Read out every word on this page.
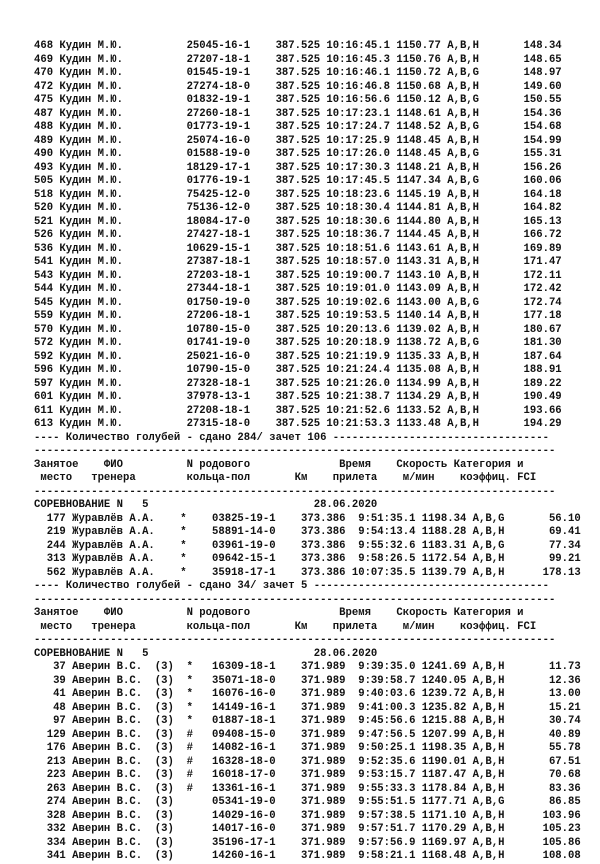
468 Кудин М.Ю.          25045-16-1    387.525 10:16:45.1 1150.77 A,B,H       148.34
469 Кудин М.Ю.          27207-18-1    387.525 10:16:45.3 1150.76 A,B,H       148.65
470 Кудин М.Ю.          01545-19-1    387.525 10:16:46.1 1150.72 A,B,G       148.97
472 Кудин М.Ю.          27274-18-0    387.525 10:16:46.8 1150.68 A,B,H       149.60
475 Кудин М.Ю.          01832-19-1    387.525 10:16:56.6 1150.12 A,B,G       150.55
487 Кудин М.Ю.          27260-18-1    387.525 10:17:23.1 1148.61 A,B,H       154.36
488 Кудин М.Ю.          01773-19-1    387.525 10:17:24.7 1148.52 A,B,G       154.68
489 Кудин М.Ю.          25074-16-0    387.525 10:17:25.9 1148.45 A,B,H       154.99
490 Кудин М.Ю.          01588-19-0    387.525 10:17:26.0 1148.45 A,B,G       155.31
493 Кудин М.Ю.          18129-17-1    387.525 10:17:30.3 1148.21 A,B,H       156.26
505 Кудин М.Ю.          01776-19-1    387.525 10:17:45.5 1147.34 A,B,G       160.06
518 Кудин М.Ю.          75425-12-0    387.525 10:18:23.6 1145.19 A,B,H       164.18
520 Кудин М.Ю.          75136-12-0    387.525 10:18:30.4 1144.81 A,B,H       164.82
521 Кудин М.Ю.          18084-17-0    387.525 10:18:30.6 1144.80 A,B,H       165.13
526 Кудин М.Ю.          27427-18-1    387.525 10:18:36.7 1144.45 A,B,H       166.72
536 Кудин М.Ю.          10629-15-1    387.525 10:18:51.6 1143.61 A,B,H       169.89
541 Кудин М.Ю.          27387-18-1    387.525 10:18:57.0 1143.31 A,B,H       171.47
543 Кудин М.Ю.          27203-18-1    387.525 10:19:00.7 1143.10 A,B,H       172.11
544 Кудин М.Ю.          27344-18-1    387.525 10:19:01.0 1143.09 A,B,H       172.42
545 Кудин М.Ю.          01750-19-0    387.525 10:19:02.6 1143.00 A,B,G       172.74
559 Кудин М.Ю.          27206-18-1    387.525 10:19:53.5 1140.14 A,B,H       177.18
570 Кудин М.Ю.          10780-15-0    387.525 10:20:13.6 1139.02 A,B,H       180.67
572 Кудин М.Ю.          01741-19-0    387.525 10:20:18.9 1138.72 A,B,G       181.30
592 Кудин М.Ю.          25021-16-0    387.525 10:21:19.9 1135.33 A,B,H       187.64
596 Кудин М.Ю.          10790-15-0    387.525 10:21:24.4 1135.08 A,B,H       188.91
597 Кудин М.Ю.          27328-18-1    387.525 10:21:26.0 1134.99 A,B,H       189.22
601 Кудин М.Ю.          37978-13-1    387.525 10:21:38.7 1134.29 A,B,H       190.49
611 Кудин М.Ю.          27208-18-1    387.525 10:21:52.6 1133.52 A,B,H       193.66
613 Кудин М.Ю.          27315-18-0    387.525 10:21:53.3 1133.48 A,B,H       194.29
---- Количество голубей - сдано 284/ зачет 106 ----------------------------------
----------------------------------------------------------------------------------
Занятое    ФИО          N родового              Время    Скорость Категория и
место   тренера        кольца-пол       Км    прилета    м/мин    коэффиц. FCI
----------------------------------------------------------------------------------
СОРЕВНОВАНИЕ N   5                          28.06.2020
177 Журавлёв А.А.    *    03825-19-1    373.386  9:51:35.1 1198.34 A,B,G       56.10
219 Журавлёв А.А.    *    58891-14-0    373.386  9:54:13.4 1188.28 A,B,H       69.41
244 Журавлёв А.А.    *    03961-19-0    373.386  9:55:32.6 1183.31 A,B,G       77.34
313 Журавлёв А.А.    *    09642-15-1    373.386  9:58:26.5 1172.54 A,B,H       99.21
562 Журавлёв А.А.    *    35918-17-1    373.386 10:07:35.5 1139.79 A,B,H      178.13
---- Количество голубей - сдано 34/ зачет 5 -------------------------------------
----------------------------------------------------------------------------------
Занятое    ФИО          N родового              Время    Скорость Категория и
место   тренера        кольца-пол       Км    прилета    м/мин    коэффиц. FCI
----------------------------------------------------------------------------------
СОРЕВНОВАНИЕ N   5                          28.06.2020
37 Аверин В.С.  (3)  *   16309-18-1    371.989  9:39:35.0 1241.69 A,B,H       11.73
39 Аверин В.С.  (3)  *   35071-18-0    371.989  9:39:58.7 1240.05 A,B,H       12.36
41 Аверин В.С.  (3)  *   16076-16-0    371.989  9:40:03.6 1239.72 A,B,H       13.00
48 Аверин В.С.  (3)  *   14149-16-1    371.989  9:41:00.3 1235.82 A,B,H       15.21
97 Аверин В.С.  (3)  *   01887-18-1    371.989  9:45:56.6 1215.88 A,B,H       30.74
129 Аверин В.С.  (3)  #   09408-15-0    371.989  9:47:56.5 1207.99 A,B,H       40.89
176 Аверин В.С.  (3)  #   14082-16-1    371.989  9:50:25.1 1198.35 A,B,H       55.78
213 Аверин В.С.  (3)  #   16328-18-0    371.989  9:52:35.6 1190.01 A,B,H       67.51
223 Аверин В.С.  (3)  #   16018-17-0    371.989  9:53:15.7 1187.47 A,B,H       70.68
263 Аверин В.С.  (3)  #   13361-16-1    371.989  9:55:33.3 1178.84 A,B,H       83.36
274 Аверин В.С.  (3)      05341-19-0    371.989  9:55:51.5 1177.71 A,B,G       86.85
328 Аверин В.С.  (3)      14029-16-0    371.989  9:57:38.5 1171.10 A,B,H      103.96
332 Аверин В.С.  (3)      14017-16-0    371.989  9:57:51.7 1170.29 A,B,H      105.23
334 Аверин В.С.  (3)      35196-17-1    371.989  9:57:56.9 1169.97 A,B,H      105.86
341 Аверин В.С.  (3)      14260-16-1    371.989  9:58:21.1 1168.48 A,B,H      108.08
